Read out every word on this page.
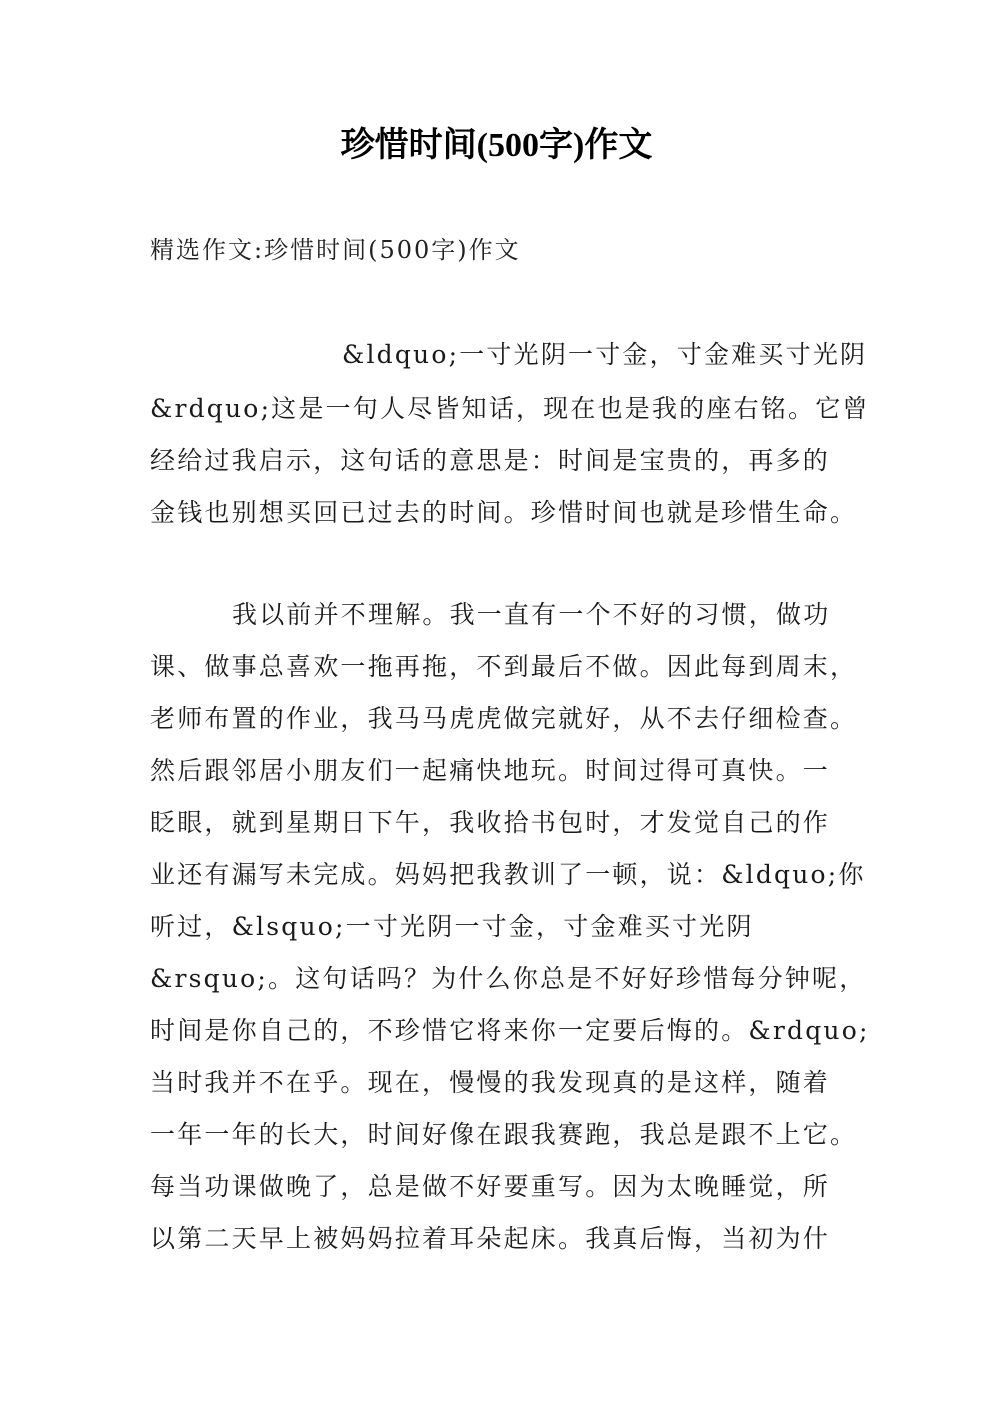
珍惜时间(500字)作文
精选作文:珍惜时间(500字)作文
&ldquo;一寸光阴一寸金，寸金难买寸光阴
&rdquo;这是一句人尽皆知话，现在也是我的座右铭。它曾
经给过我启示，这句话的意思是：时间是宝贵的，再多的
金钱也别想买回已过去的时间。珍惜时间也就是珍惜生命。
我以前并不理解。我一直有一个不好的习惯，做功
课、做事总喜欢一拖再拖，不到最后不做。因此每到周末，
老师布置的作业，我马马虎虎做完就好，从不去仔细检查。
然后跟邻居小朋友们一起痛快地玩。时间过得可真快。一
眨眼，就到星期日下午，我收拾书包时，才发觉自己的作
业还有漏写未完成。妈妈把我教训了一顿，说：&ldquo;你
听过，&lsquo;一寸光阴一寸金，寸金难买寸光阴
&rsquo;。这句话吗？为什么你总是不好好珍惜每分钟呢，
时间是你自己的，不珍惜它将来你一定要后悔的。&rdquo;
当时我并不在乎。现在，慢慢的我发现真的是这样，随着
一年一年的长大，时间好像在跟我赛跑，我总是跟不上它。
每当功课做晚了，总是做不好要重写。因为太晚睡觉，所
以第二天早上被妈妈拉着耳朵起床。我真后悔，当初为什
